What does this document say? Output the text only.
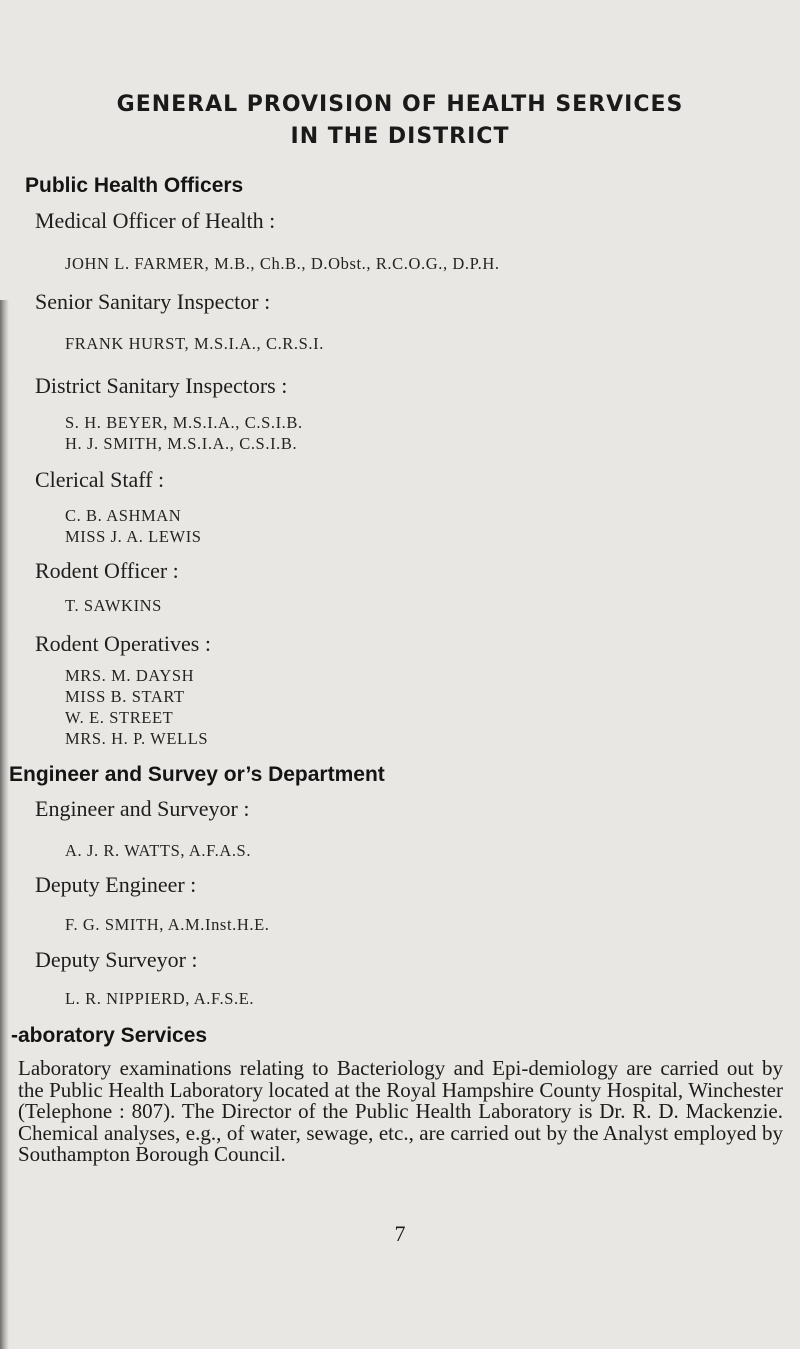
GENERAL PROVISION OF HEALTH SERVICES
IN THE DISTRICT
Public Health Officers
Medical Officer of Health :
JOHN L. FARMER, M.B., Ch.B., D.Obst., R.C.O.G., D.P.H.
Senior Sanitary Inspector :
FRANK HURST, M.S.I.A., C.R.S.I.
District Sanitary Inspectors :
S. H. BEYER, M.S.I.A., C.S.I.B.
H. J. SMITH, M.S.I.A., C.S.I.B.
Clerical Staff :
C. B. ASHMAN
MISS J. A. LEWIS
Rodent Officer :
T. SAWKINS
Rodent Operatives :
MRS. M. DAYSH
MISS B. START
W. E. STREET
MRS. H. P. WELLS
Engineer and Survey or’s Department
Engineer and Surveyor :
A. J. R. WATTS, A.F.A.S.
Deputy Engineer :
F. G. SMITH, A.M.Inst.H.E.
Deputy Surveyor :
L. R. NIPPIERD, A.F.S.E.
-aboratory Services
Laboratory examinations relating to Bacteriology and Epi-demiology are carried out by the Public Health Laboratory located at the Royal Hampshire County Hospital, Winchester (Telephone : 807). The Director of the Public Health Laboratory is Dr. R. D. Mackenzie. Chemical analyses, e.g., of water, sewage, etc., are carried out by the Analyst employed by Southampton Borough Council.
7
